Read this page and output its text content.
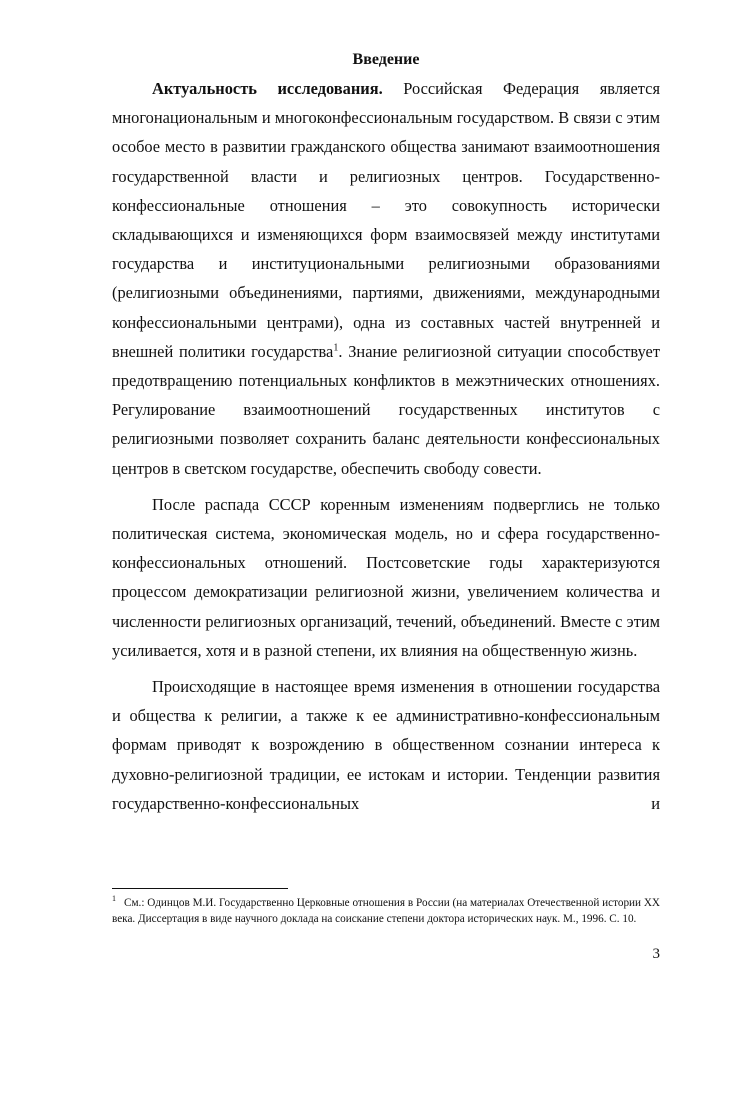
Введение

Актуальность исследования. Российская Федерация является многонациональным и многоконфессиональным государством. В связи с этим особое место в развитии гражданского общества занимают взаимоотношения государственной власти и религиозных центров. Государственно-конфессиональные отношения – это совокупность исторически складывающихся и изменяющихся форм взаимосвязей между институтами государства и институциональными религиозными образованиями (религиозными объединениями, партиями, движениями, международными конфессиональными центрами), одна из составных частей внутренней и внешней политики государства$^1$. Знание религиозной ситуации способствует предотвращению потенциальных конфликтов в межэтнических отношениях. Регулирование взаимоотношений государственных институтов с религиозными позволяет сохранить баланс деятельности конфессиональных центров в светском государстве, обеспечить свободу совести.

После распада СССР коренным изменениям подверглись не только политическая система, экономическая модель, но и сфера государственно-конфессиональных отношений. Постсоветские годы характеризуются процессом демократизации религиозной жизни, увеличением количества и численности религиозных организаций, течений, объединений. Вместе с этим усиливается, хотя и в разной степени, их влияния на общественную жизнь.

Происходящие в настоящее время изменения в отношении государства и общества к религии, а также к ее административно-конфессиональным формам приводят к возрождению в общественном сознании интереса к духовно-религиозной традиции, ее истокам и истории. Тенденции развития государственно-конфессиональных и

$^1$ См.: Одинцов М.И. Государственно Церковные отношения в России (на материалах Отечественной истории XX века. Диссертация в виде научного доклада на соискание степени доктора исторических наук. М., 1996. С. 10.

3
